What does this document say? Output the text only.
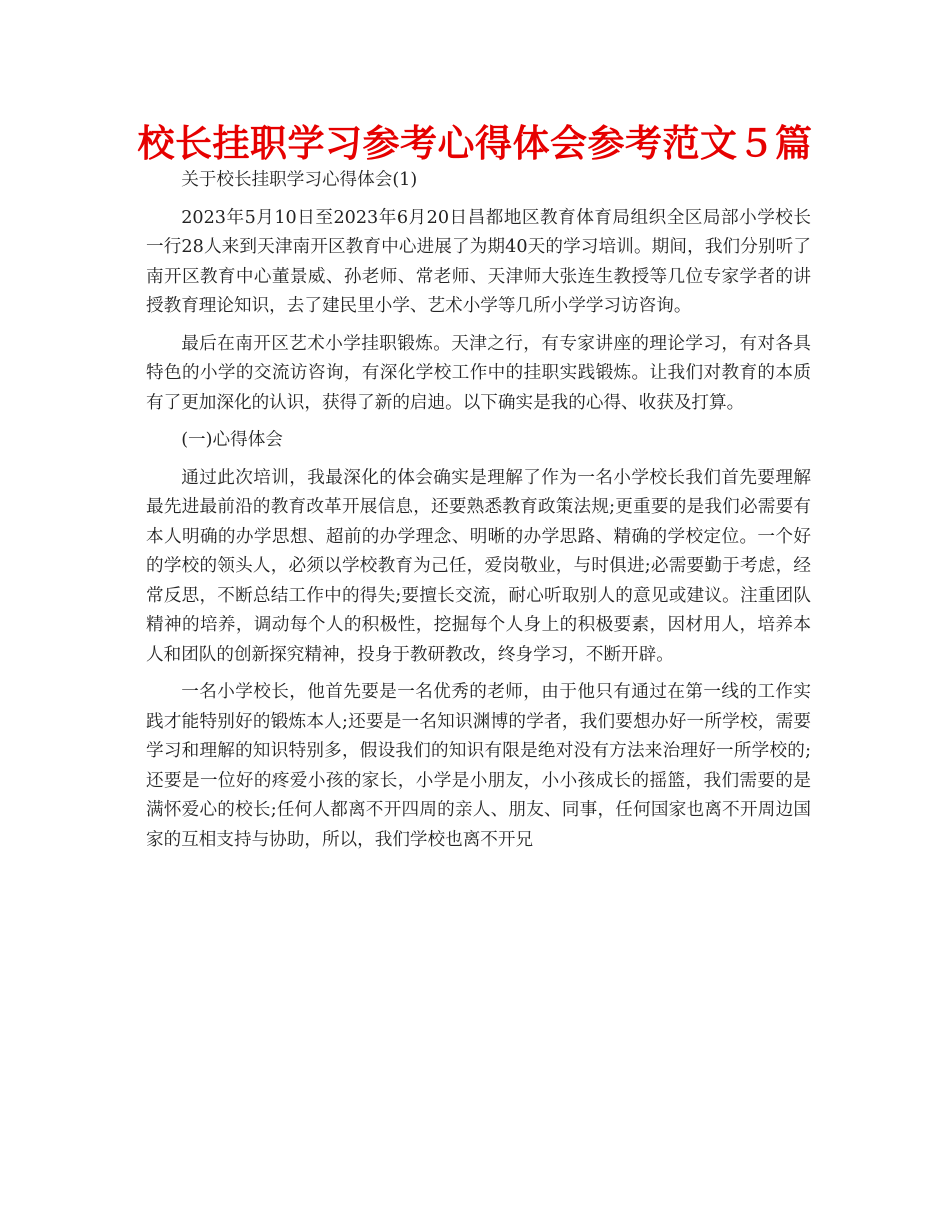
校长挂职学习参考心得体会参考范文５篇

关于校长挂职学习心得体会(1)

2023年5月10日至2023年6月20日昌都地区教育体育局组织全区局部小学校长一行28人来到天津南开区教育中心进展了为期40天的学习培训。期间，我们分别听了南开区教育中心董景威、孙老师、常老师、天津师大张连生教授等几位专家学者的讲授教育理论知识，去了建民里小学、艺术小学等几所小学学习访咨询。

最后在南开区艺术小学挂职锻炼。天津之行，有专家讲座的理论学习，有对各具特色的小学的交流访咨询，有深化学校工作中的挂职实践锻炼。让我们对教育的本质有了更加深化的认识，获得了新的启迪。以下确实是我的心得、收获及打算。

(一)心得体会

通过此次培训，我最深化的体会确实是理解了作为一名小学校长我们首先要理解最先进最前沿的教育改革开展信息，还要熟悉教育政策法规;更重要的是我们必需要有本人明确的办学思想、超前的办学理念、明晰的办学思路、精确的学校定位。一个好的学校的领头人，必须以学校教育为己任，爱岗敬业，与时俱进;必需要勤于考虑，经常反思，不断总结工作中的得失;要擅长交流，耐心听取别人的意见或建议。注重团队精神的培养，调动每个人的积极性，挖掘每个人身上的积极要素，因材用人，培养本人和团队的创新探究精神，投身于教研教改，终身学习，不断开辟。

一名小学校长，他首先要是一名优秀的老师，由于他只有通过在第一线的工作实践才能特别好的锻炼本人;还要是一名知识渊博的学者，我们要想办好一所学校，需要学习和理解的知识特别多，假设我们的知识有限是绝对没有方法来治理好一所学校的;还要是一位好的疼爱小孩的家长，小学是小朋友，小小孩成长的摇篮，我们需要的是满怀爱心的校长;任何人都离不开四周的亲人、朋友、同事，任何国家也离不开周边国家的互相支持与协助，所以，我们学校也离不开兄
